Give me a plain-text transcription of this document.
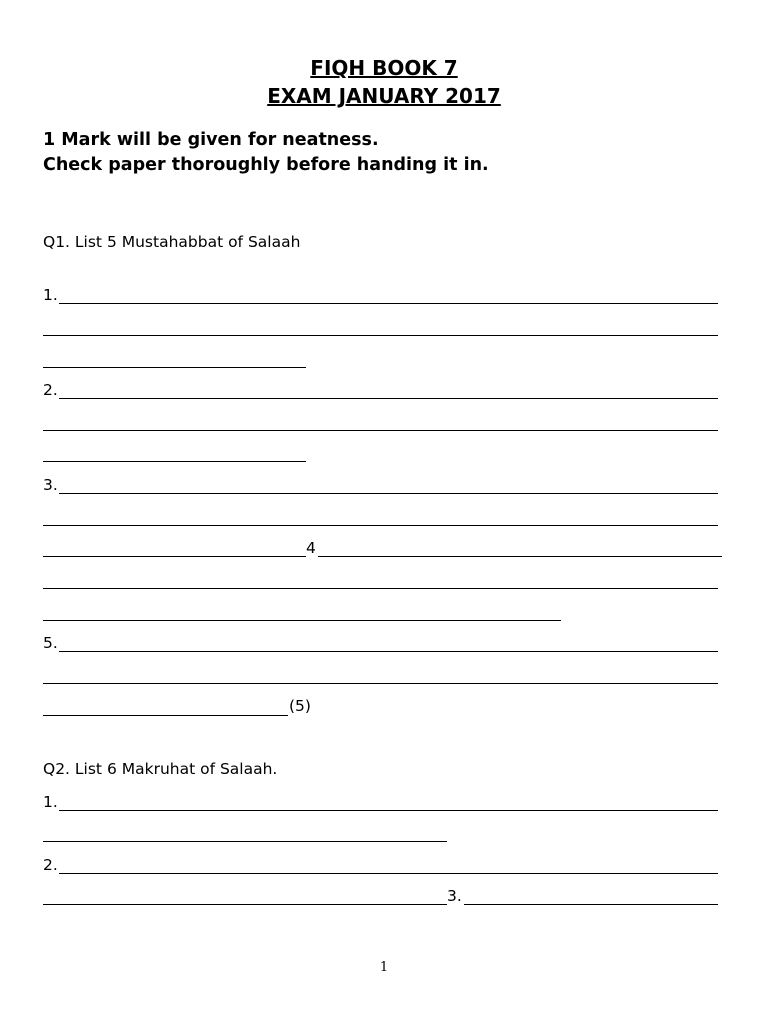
FIQH BOOK 7
EXAM JANUARY 2017
1 Mark will be given for neatness.
Check paper thoroughly before handing it in.
Q1. List 5 Mustahabbat of Salaah
1.
2.
3.
4
5.
(5)
Q2. List 6 Makruhat of Salaah.
1.
2.
3.
1
